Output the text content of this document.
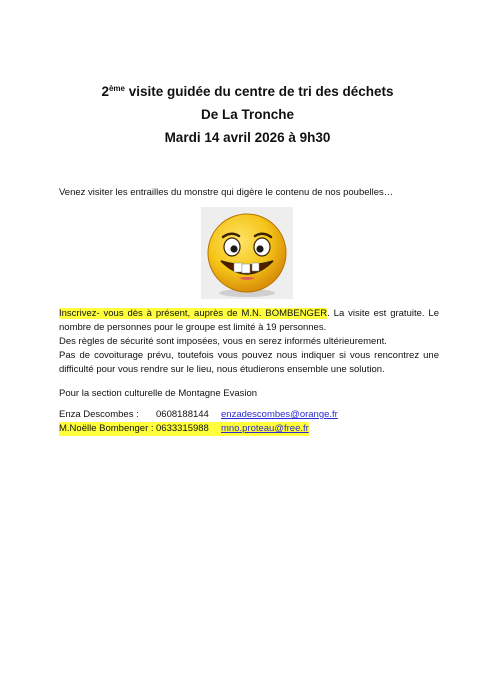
2ème visite guidée du centre de tri des déchets
De La Tronche
Mardi 14 avril 2026 à 9h30
Venez visiter les entrailles du monstre qui digère le contenu de nos poubelles…

Inscrivez- vous dès à présent, auprès de M.N. BOMBENGER. La visite est gratuite. Le nombre de personnes pour le groupe est limité à 19 personnes.

Des règles de sécurité sont imposées, vous en serez informés ultérieurement.

Pas de covoiturage prévu, toutefois vous pouvez nous indiquer si vous rencontrez une difficulté pour vous rendre sur le lieu, nous étudierons ensemble une solution.

Pour la section culturelle de Montagne Evasion
Enza Descombes : 0608188144 enzadescombes@orange.fr
M.Noëlle Bombenger : 0633315988 mno.proteau@free.fr
